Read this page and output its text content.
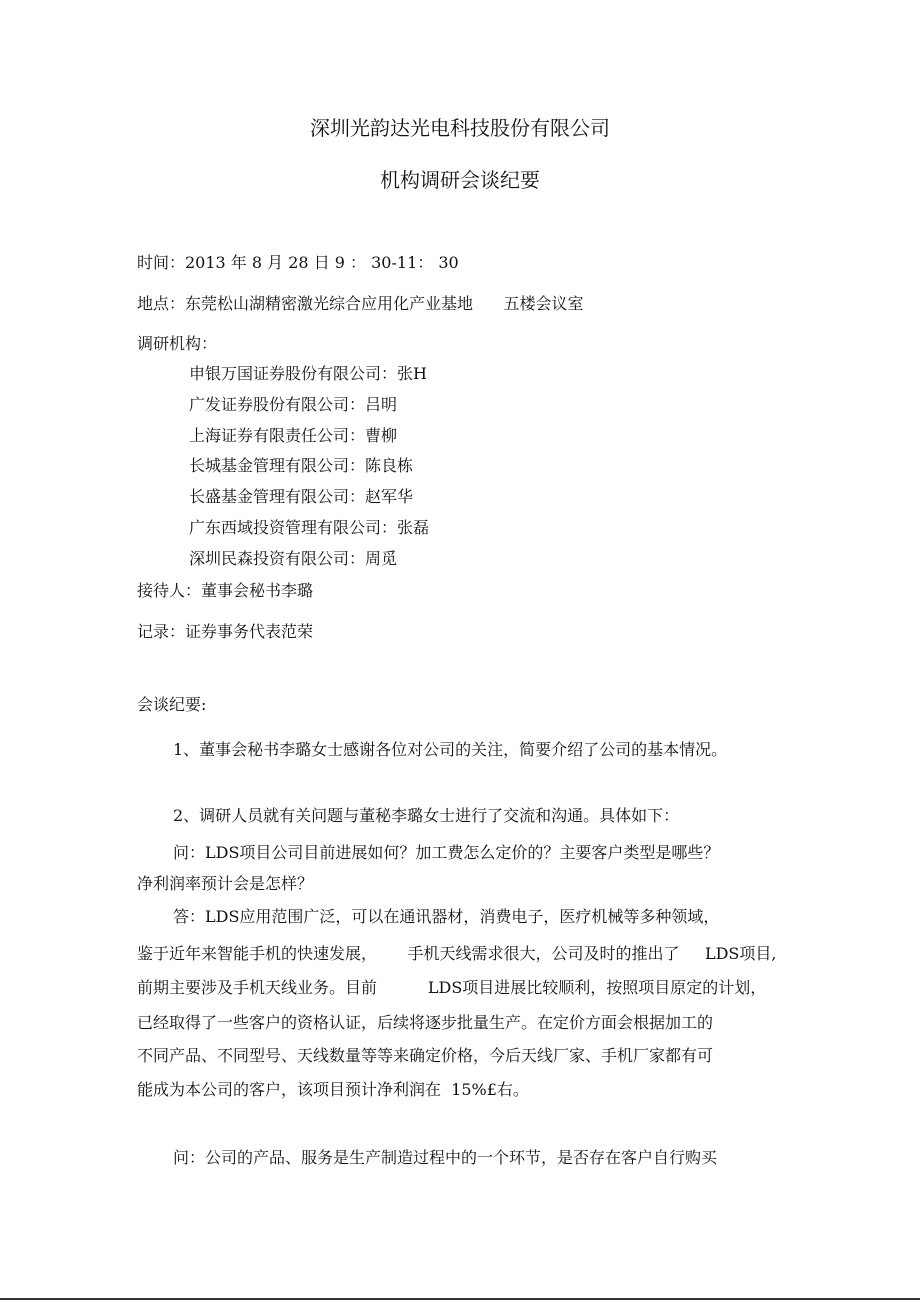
深圳光韵达光电科技股份有限公司
机构调研会谈纪要
时间：2013 年 8 月 28 日 9 ： 30-11： 30
地点：东莞松山湖精密激光综合应用化产业基地      五楼会议室
调研机构：
申银万国证券股份有限公司：张H
广发证券股份有限公司：吕明
上海证券有限责任公司：曹柳
长城基金管理有限公司：陈良栋
长盛基金管理有限公司：赵军华
广东西域投资管理有限公司：张磊
深圳民森投资有限公司：周觅
接待人：董事会秘书李璐
记录：证券事务代表范荣
会谈纪要:
1、董事会秘书李璐女士感谢各位对公司的关注，简要介绍了公司的基本情况。
2、调研人员就有关问题与董秘李璐女士进行了交流和沟通。具体如下：
问：LDS项目公司目前进展如何？加工费怎么定价的？主要客户类型是哪些？
净利润率预计会是怎样？
答：LDS应用范围广泛，可以在通讯器材，消费电子，医疗机械等多种领域，
鉴于近年来智能手机的快速发展，      手机天线需求很大，公司及时的推出了     LDS项目,
前期主要涉及手机天线业务。目前          LDS项目进展比较顺利，按照项目原定的计划，
已经取得了一些客户的资格认证，后续将逐步批量生产。在定价方面会根据加工的
不同产品、不同型号、天线数量等等来确定价格，今后天线厂家、手机厂家都有可
能成为本公司的客户，该项目预计净利润在  15%£右。
问：公司的产品、服务是生产制造过程中的一个环节，是否存在客户自行购买
